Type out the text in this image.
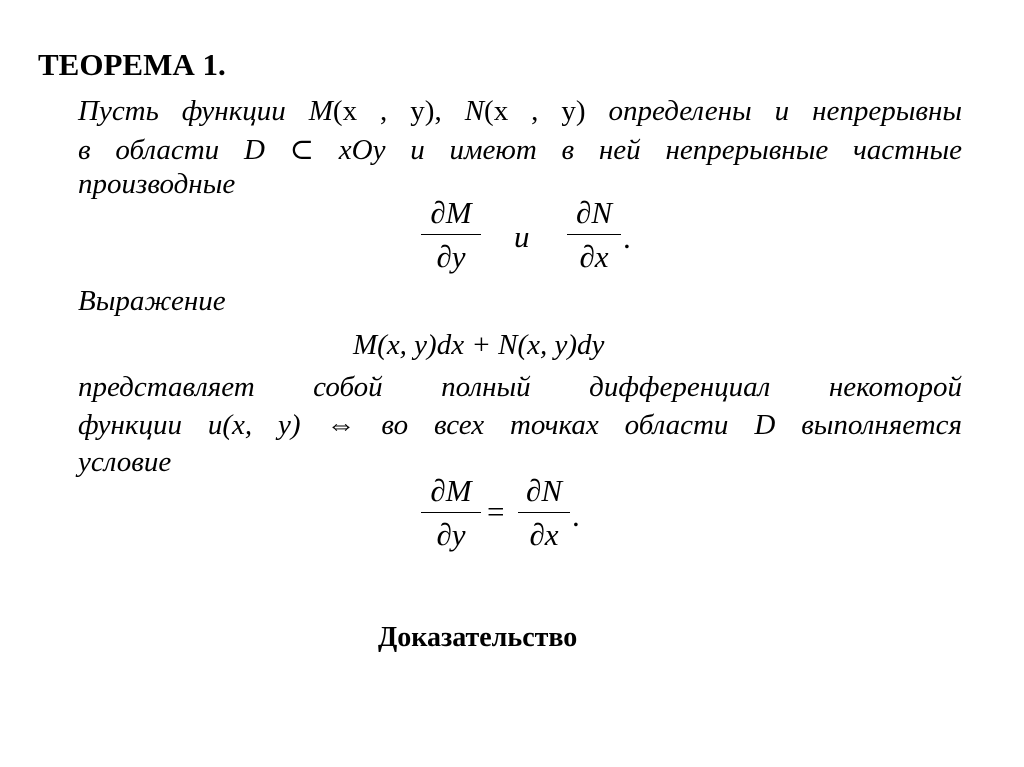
ТЕОРЕМА 1.
Пусть функции M(x , y), N(x , y) определены и непрерывны
в области D ⊂ xOy и имеют в ней непрерывные частные
производные
∂M
∂y
и
∂N
∂x
.
Выражение
M(x, y)dx + N(x, y)dy
представляет собой полный дифференциал некоторой
функции u(x, y) ⇔ во всех точках области D выполняется
условие
∂M
∂y
=
∂N
∂x
.
Доказательство
